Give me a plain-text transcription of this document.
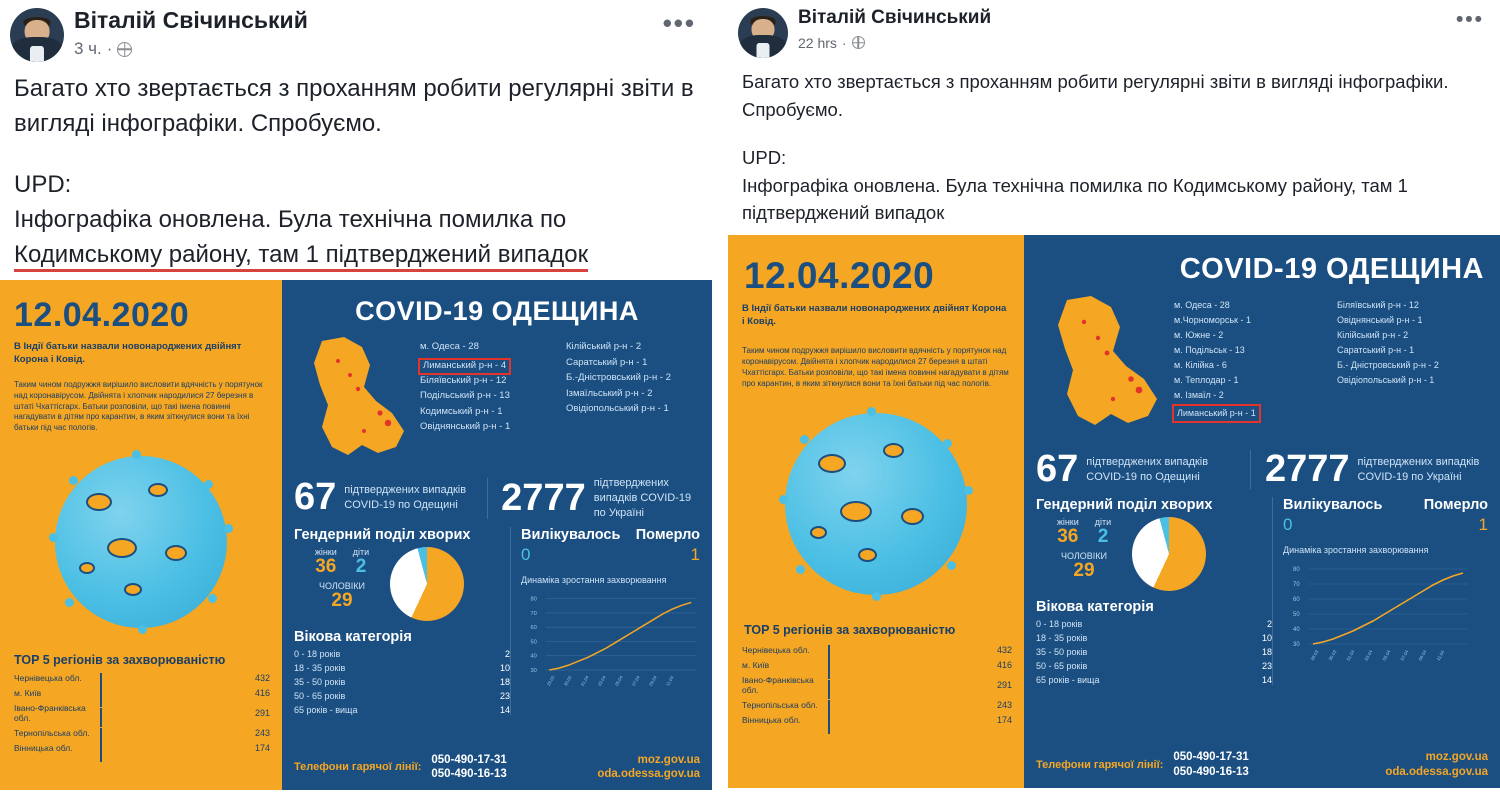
Віталій Свічинський
3 ч. ·
•••

Багато хто звертається з проханням робити регулярні звіти в вигляді інфографіки. Спробуємо.

UPD:

Інфографіка оновлена. Була технічна помилка по Кодимському району, там 1 підтверджений випадок

12.04.2020
В Індії батьки назвали новонароджених двійнят Корона і Ковід.
Таким чином подружжя вирішило висловити вдячність у порятунок над коронавірусом. Двійнята і хлопчик народилися 27 березня в штаті Чхаттісгарх. Батьки розповіли, що такі імена повинні нагадувати в дітям про карантин, в яким зіткнулися вони та їхні батьки під час пологів.
TOP 5 регіонів за захворюваністю
Чернівецька обл.	432
м. Київ	416
Івано-Франківська обл.	291
Тернопільська обл.	243
Вінницька обл.	174
COVID-19 ОДЕЩИНА
м. Одеса - 28
Лиманський р-н - 4
Біляївський р-н - 12
Подільський р-н - 13
Кодимський р-н - 1
Овіднянський р-н - 1
Кілійський р-н - 2
Саратський р-н - 1
Б.-Дністровський р-н - 2
Ізмаїльський р-н - 2
Овідіопольський р-н - 1
67 підтверджених випадків COVID-19 по Одещині	2777 підтверджених випадків COVID-19 по Україні
Гендерний поділ хворих
жінки
36
діти
2
ЧОЛОВІКИ
29
Вікова категорія
0 - 18 років	2
18 - 35 років	10
35 - 50 років	18
50 - 65 років	23
65 років - вища	14
Вилікувалось Померло
0	1
Динаміка зростання захворювання
80
70
60
50
40
30
28.03 30.03 01.04 03.04 05.04 07.04 09.04 11.04
Телефони гарячої лінії:
050-490-17-31
050-490-16-13
moz.gov.ua
oda.odessa.gov.ua
Віталій Свічинський
22 hrs ·
•••

Багато хто звертається з проханням робити регулярні звіти в вигляді інфографіки. Спробуємо.

UPD:

Інфографіка оновлена. Була технічна помилка по Кодимському району, там 1 підтверджений випадок

12.04.2020
В Індії батьки назвали новонароджених двійнят Корона і Ковід.
Таким чином подружжя вирішило висловити вдячність у порятунок над коронавірусом. Двійнята і хлопчик народилися 27 березня в штаті Чхаттісгарх. Батьки розповіли, що такі імена повинні нагадувати в дітям про карантин, в яким зіткнулися вони та їхні батьки під час пологів.
TOP 5 регіонів за захворюваністю
Чернівецька обл.	432
м. Київ	416
Івано-Франківська обл.	291
Тернопільська обл.	243
Вінницька обл.	174
COVID-19 ОДЕЩИНА
м. Одеса - 28
м.Чорноморськ - 1
м. Южне - 2
м. Подільськ - 13
м. Кілійка - 6
м. Теплодар - 1
м. Ізмаїл - 2
Лиманський р-н - 1
Біляївський р-н - 12
Овіднянський р-н - 1
Кілійський р-н - 2
Саратський р-н - 1
Б.- Дністровський р-н - 2
Овідіопольський р-н - 1
67 підтверджених випадків COVID-19 по Одещині	2777 підтверджених випадків COVID-19 по Україні
Гендерний поділ хворих
жінки
36
діти
2
ЧОЛОВІКИ
29
Вікова категорія
0 - 18 років	2
18 - 35 років	10
35 - 50 років	18
50 - 65 років	23
65 років - вища	14
Вилікувалось	Померло
0	1
Динаміка зростання захворювання
80
70
60
50
40
30
28.03 30.03 01.04 03.04 05.04 07.04 09.04 11.04
Телефони гарячої лінії:
050-490-17-31
050-490-16-13
moz.gov.ua
oda.odessa.gov.ua
